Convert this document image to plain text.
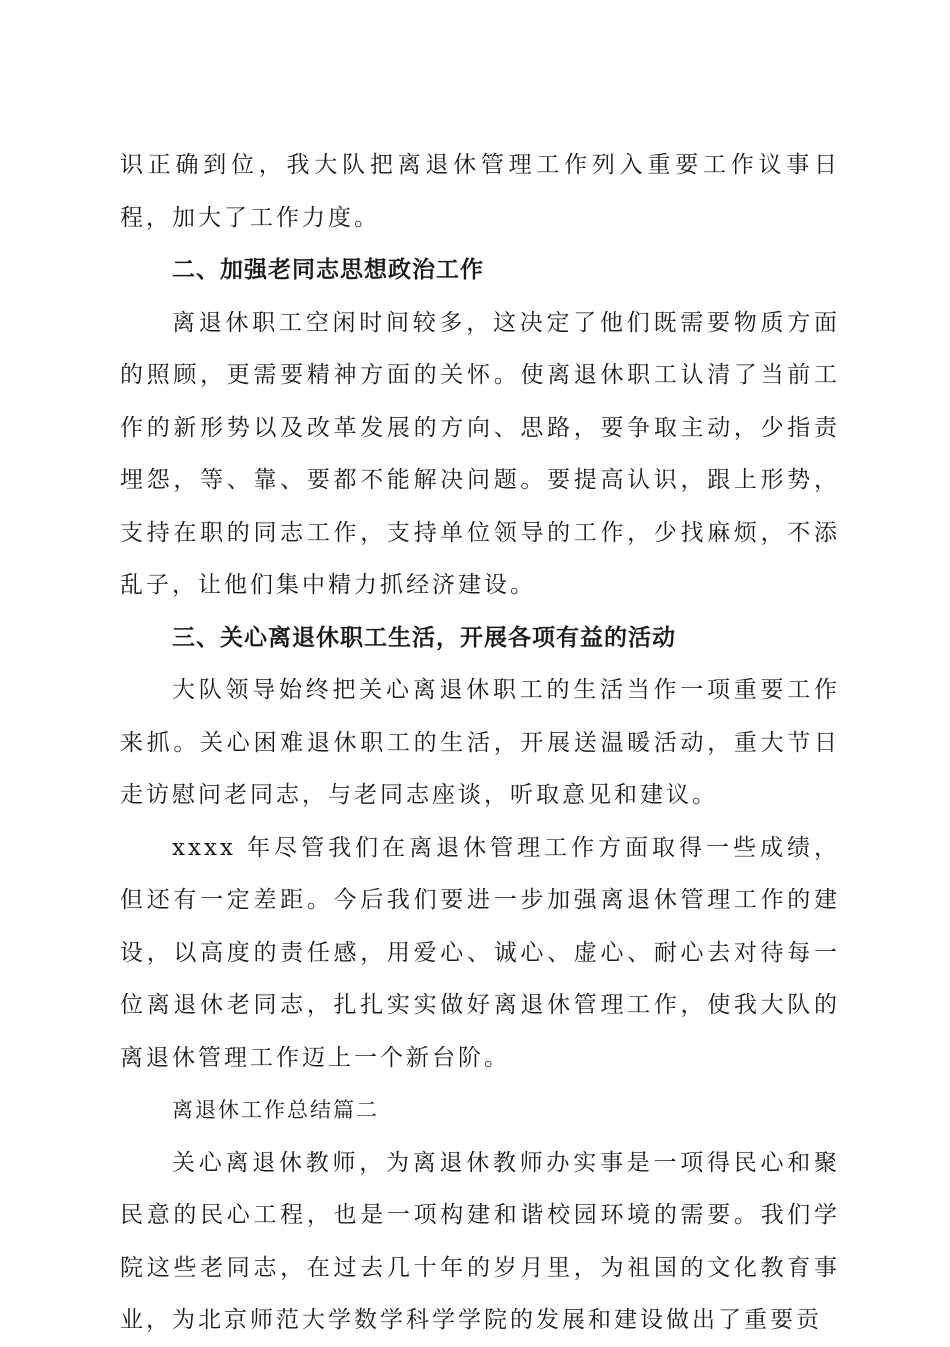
识正确到位，我大队把离退休管理工作列入重要工作议事日程，加大了工作力度。

二、加强老同志思想政治工作

离退休职工空闲时间较多，这决定了他们既需要物质方面的照顾，更需要精神方面的关怀。使离退休职工认清了当前工作的新形势以及改革发展的方向、思路，要争取主动，少指责埋怨，等、靠、要都不能解决问题。要提高认识，跟上形势，支持在职的同志工作，支持单位领导的工作，少找麻烦，不添乱子，让他们集中精力抓经济建设。

三、关心离退休职工生活，开展各项有益的活动

大队领导始终把关心离退休职工的生活当作一项重要工作来抓。关心困难退休职工的生活，开展送温暖活动，重大节日走访慰问老同志，与老同志座谈，听取意见和建议。

xxxx 年尽管我们在离退休管理工作方面取得一些成绩，但还有一定差距。今后我们要进一步加强离退休管理工作的建设，以高度的责任感，用爱心、诚心、虚心、耐心去对待每一位离退休老同志，扎扎实实做好离退休管理工作，使我大队的离退休管理工作迈上一个新台阶。

离退休工作总结篇二

关心离退休教师，为离退休教师办实事是一项得民心和聚民意的民心工程，也是一项构建和谐校园环境的需要。我们学院这些老同志，在过去几十年的岁月里，为祖国的文化教育事业，为北京师范大学数学科学学院的发展和建设做出了重要贡
